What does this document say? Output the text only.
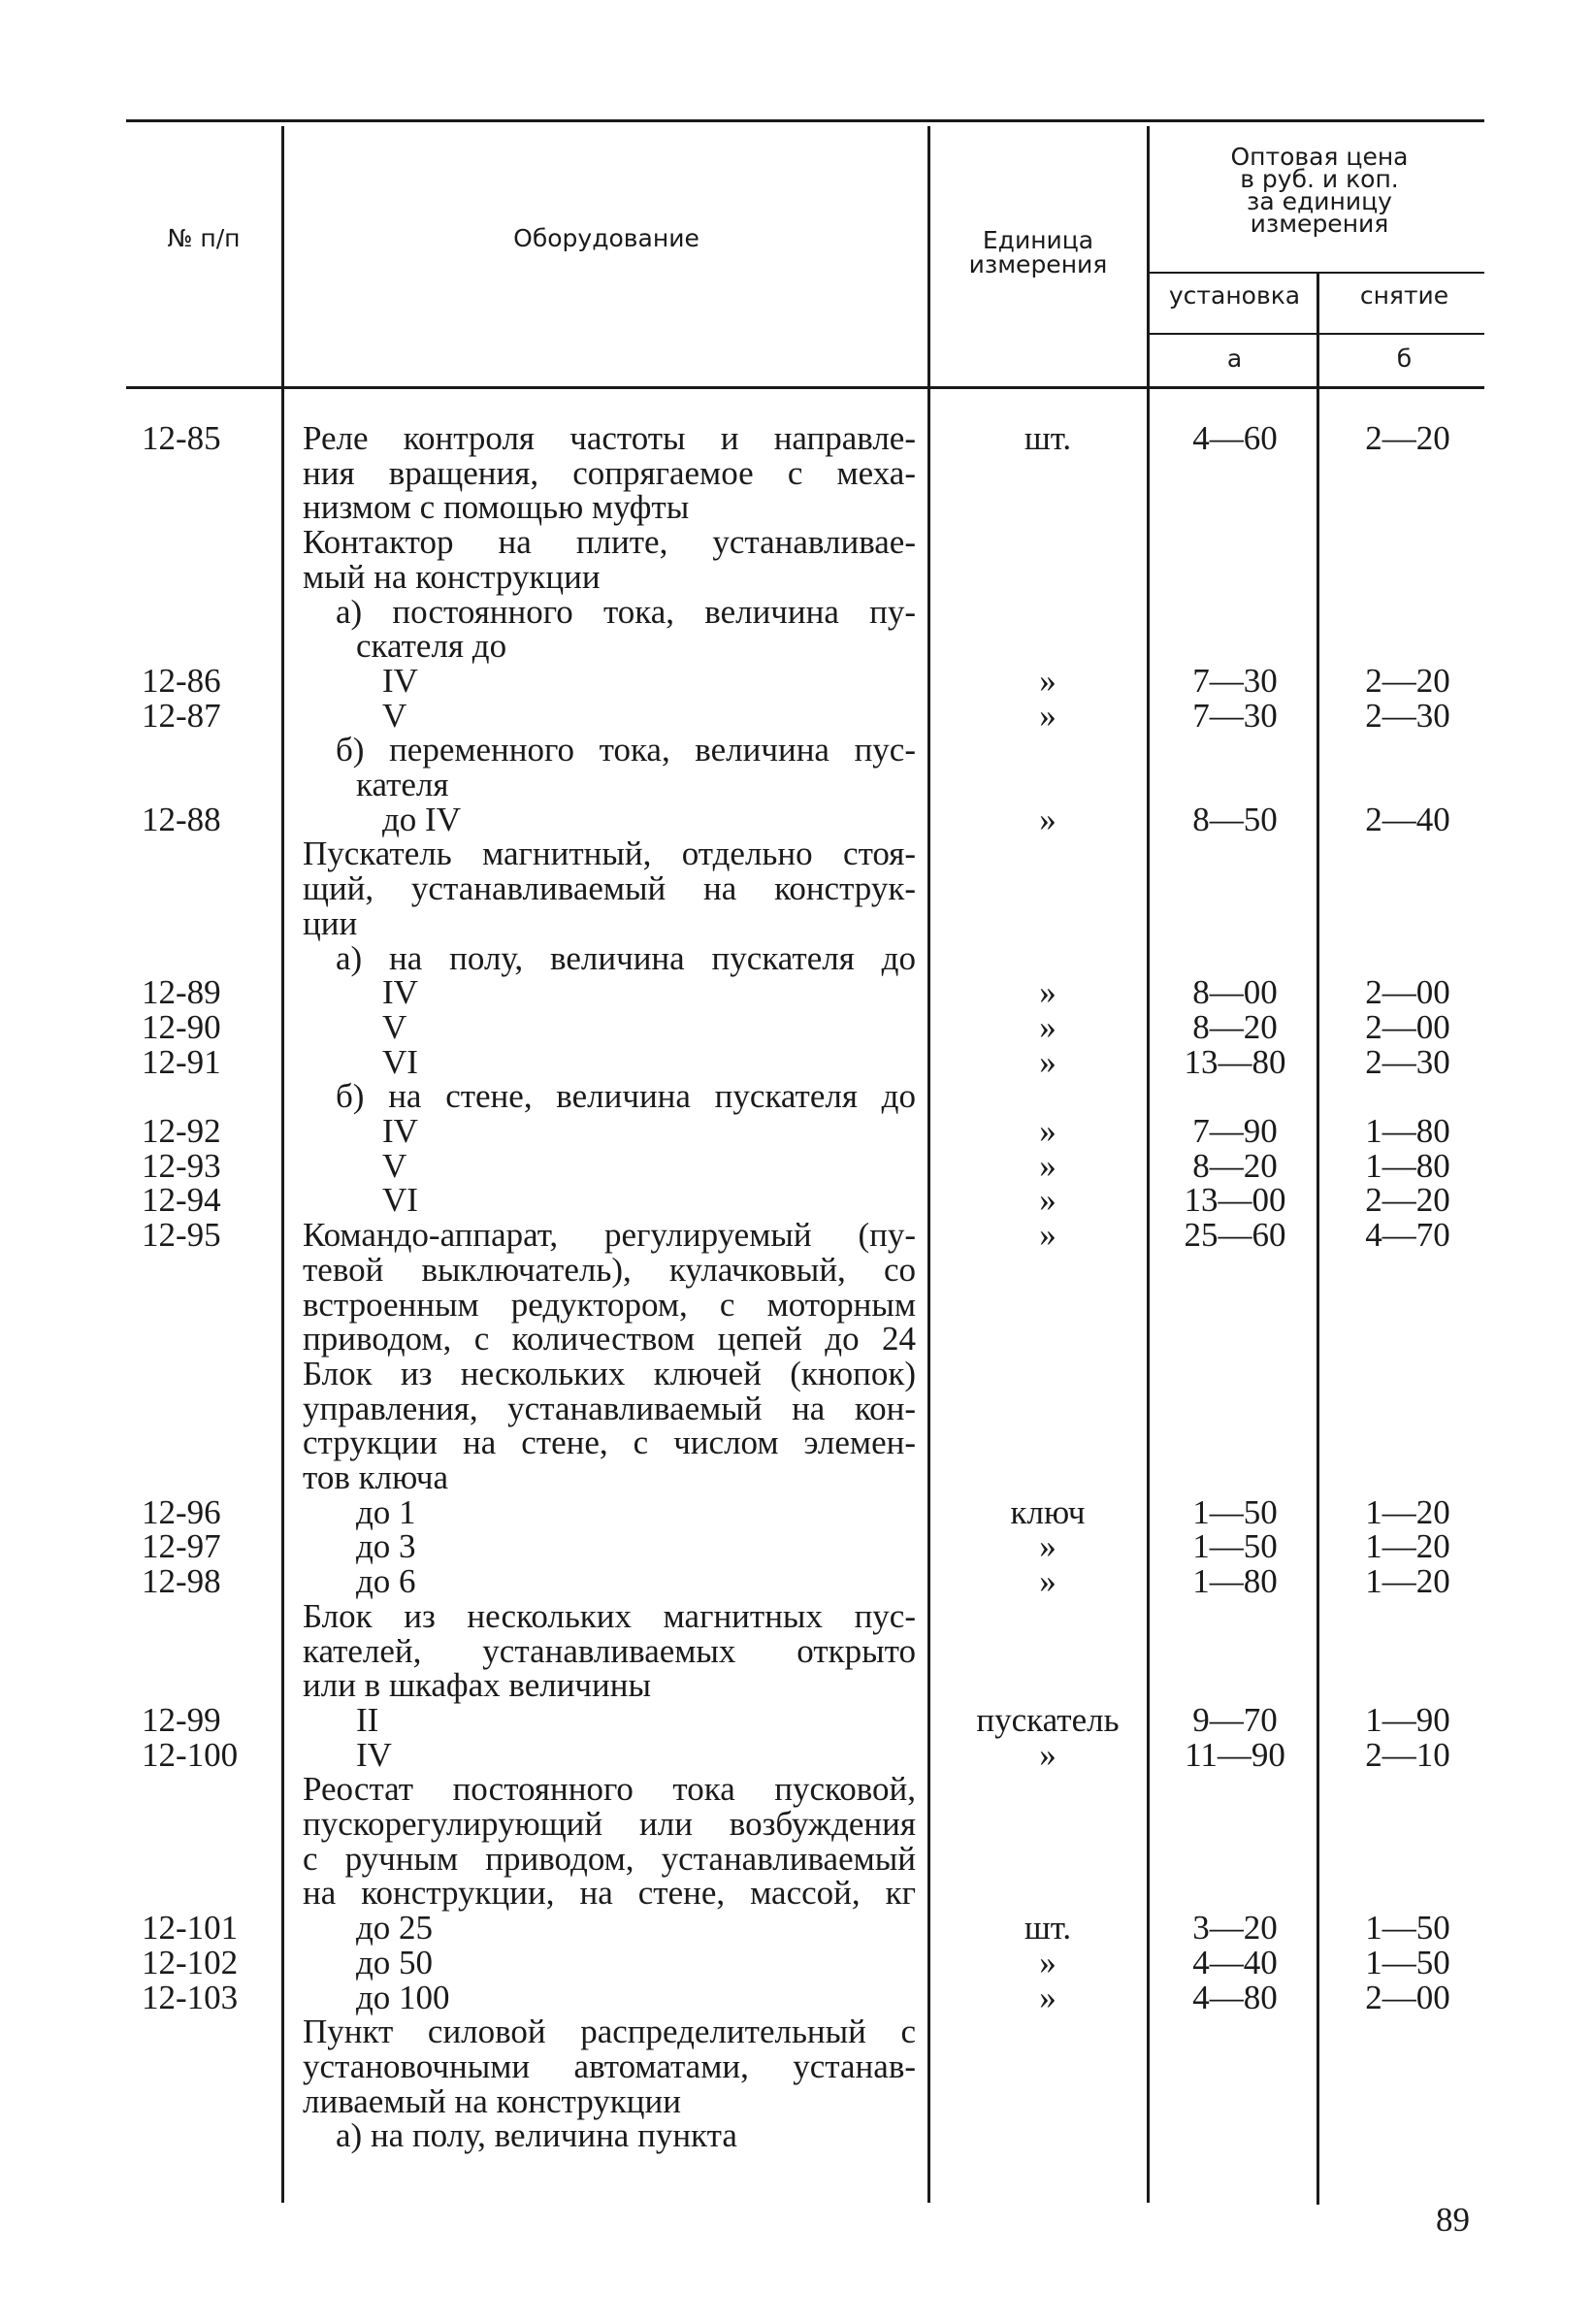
№ п/п	Оборудование	Единица
измерения
Оптовая цена
в руб. и коп.
за единицу
измерения
установка	снятие
а	б
12-85 Реле контроля частоты и направле-	шт.	4—60	2—20
ния вращения, сопрягаемое с меха-
низмом с помощью муфты
Контактор на плите, устанавливае-
мый на конструкции
а) постоянного тока, величина пу-
скателя до
12-86	IV	»	7—30	2—20
12-87	V	»	7—30	2—30
б) переменного тока, величина пус-
кателя
12-88	до IV	»	8—50	2—40
Пускатель магнитный, отдельно стоя-
щий, устанавливаемый на конструк-
ции
а) на полу, величина пускателя до
12-89	IV	»	8—00	2—00
12-90	V	»	8—20	2—00
12-91	VI	»	13—80	2—30
б) на стене, величина пускателя до
12-92	IV	»	7—90	1—80
12-93	V	»	8—20	1—80
12-94	VI	»	13—00	2—20
12-95 Командо-аппарат, регулируемый (пу-	»	25—60	4—70
тевой выключатель), кулачковый, со
встроенным редуктором, с моторным
приводом, с количеством цепей до 24
Блок из нескольких ключей (кнопок)
управления, устанавливаемый на кон-
струкции на стене, с числом элемен-
тов ключа
12-96	до 1	ключ	1—50	1—20
12-97	до 3	»	1—50	1—20
12-98	до 6	»	1—80	1—20
Блок из нескольких магнитных пус-
кателей, устанавливаемых открыто
или в шкафах величины
12-99	II	пускатель	9—70	1—90
12-100	IV	»	11—90	2—10
Реостат постоянного тока пусковой,
пускорегулирующий или возбуждения
с ручным приводом, устанавливаемый
на конструкции, на стене, массой, кг
12-101	до 25	шт.	3—20	1—50
12-102	до 50	»	4—40	1—50
12-103	до 100	»	4—80	2—00
Пункт силовой распределительный с
установочными автоматами, устанав-
ливаемый на конструкции
а) на полу, величина пункта
89
